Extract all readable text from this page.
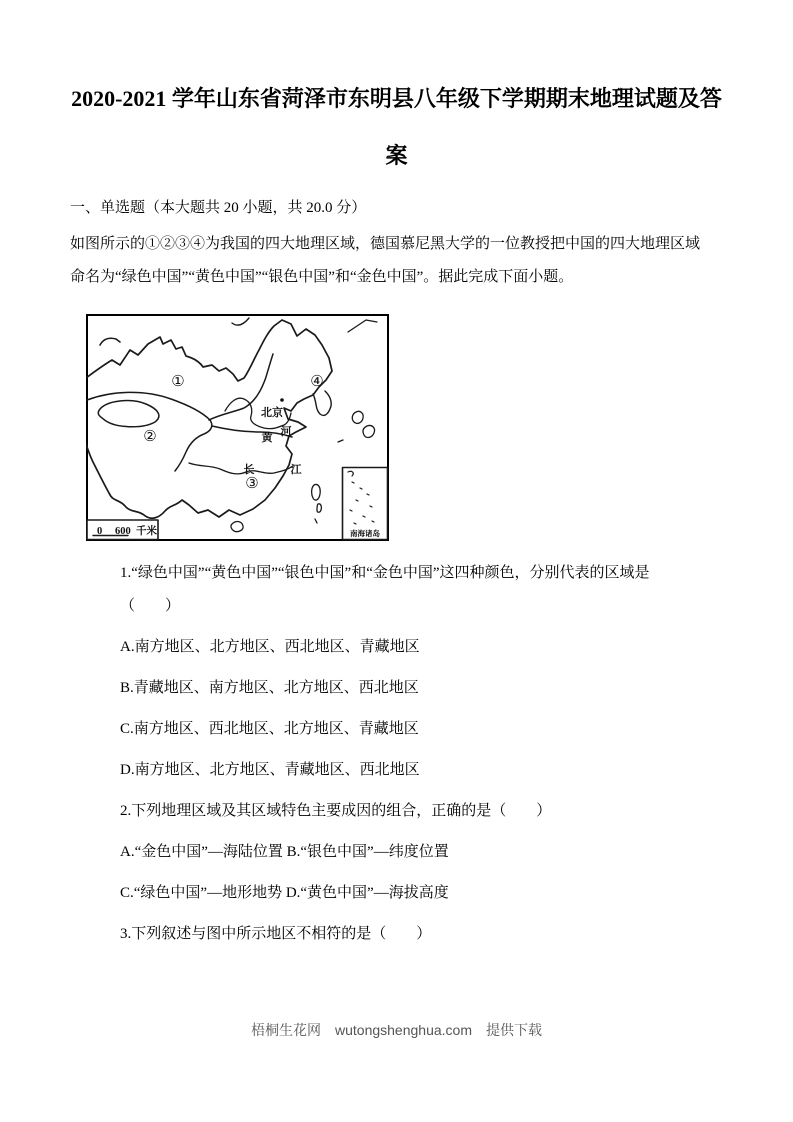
2020-2021 学年山东省菏泽市东明县八年级下学期期末地理试题及答
案

一、单选题（本大题共 20 小题，共 20.0 分）

如图所示的①②③④为我国的四大地理区域，德国慕尼黑大学的一位教授把中国的四大地理区域

命名为“绿色中国”“黄色中国”“银色中国”和“金色中国”。据此完成下面小题。

①
②
③
④
北京
黄 河
长	江
0 600 千米	南海诸岛

1.“绿色中国”“黄色中国”“银色中国”和“金色中国”这四种颜色，分别代表的区域是
（　　）

A.南方地区、北方地区、西北地区、青藏地区

B.青藏地区、南方地区、北方地区、西北地区

C.南方地区、西北地区、北方地区、青藏地区

D.南方地区、北方地区、青藏地区、西北地区

2.下列地理区域及其区域特色主要成因的组合，正确的是（　　）

A.“金色中国”—海陆位置 B.“银色中国”—纬度位置

C.“绿色中国”—地形地势 D.“黄色中国”—海拔高度

3.下列叙述与图中所示地区不相符的是（　　）

梧桐生花网　wutongshenghua.com　提供下载
